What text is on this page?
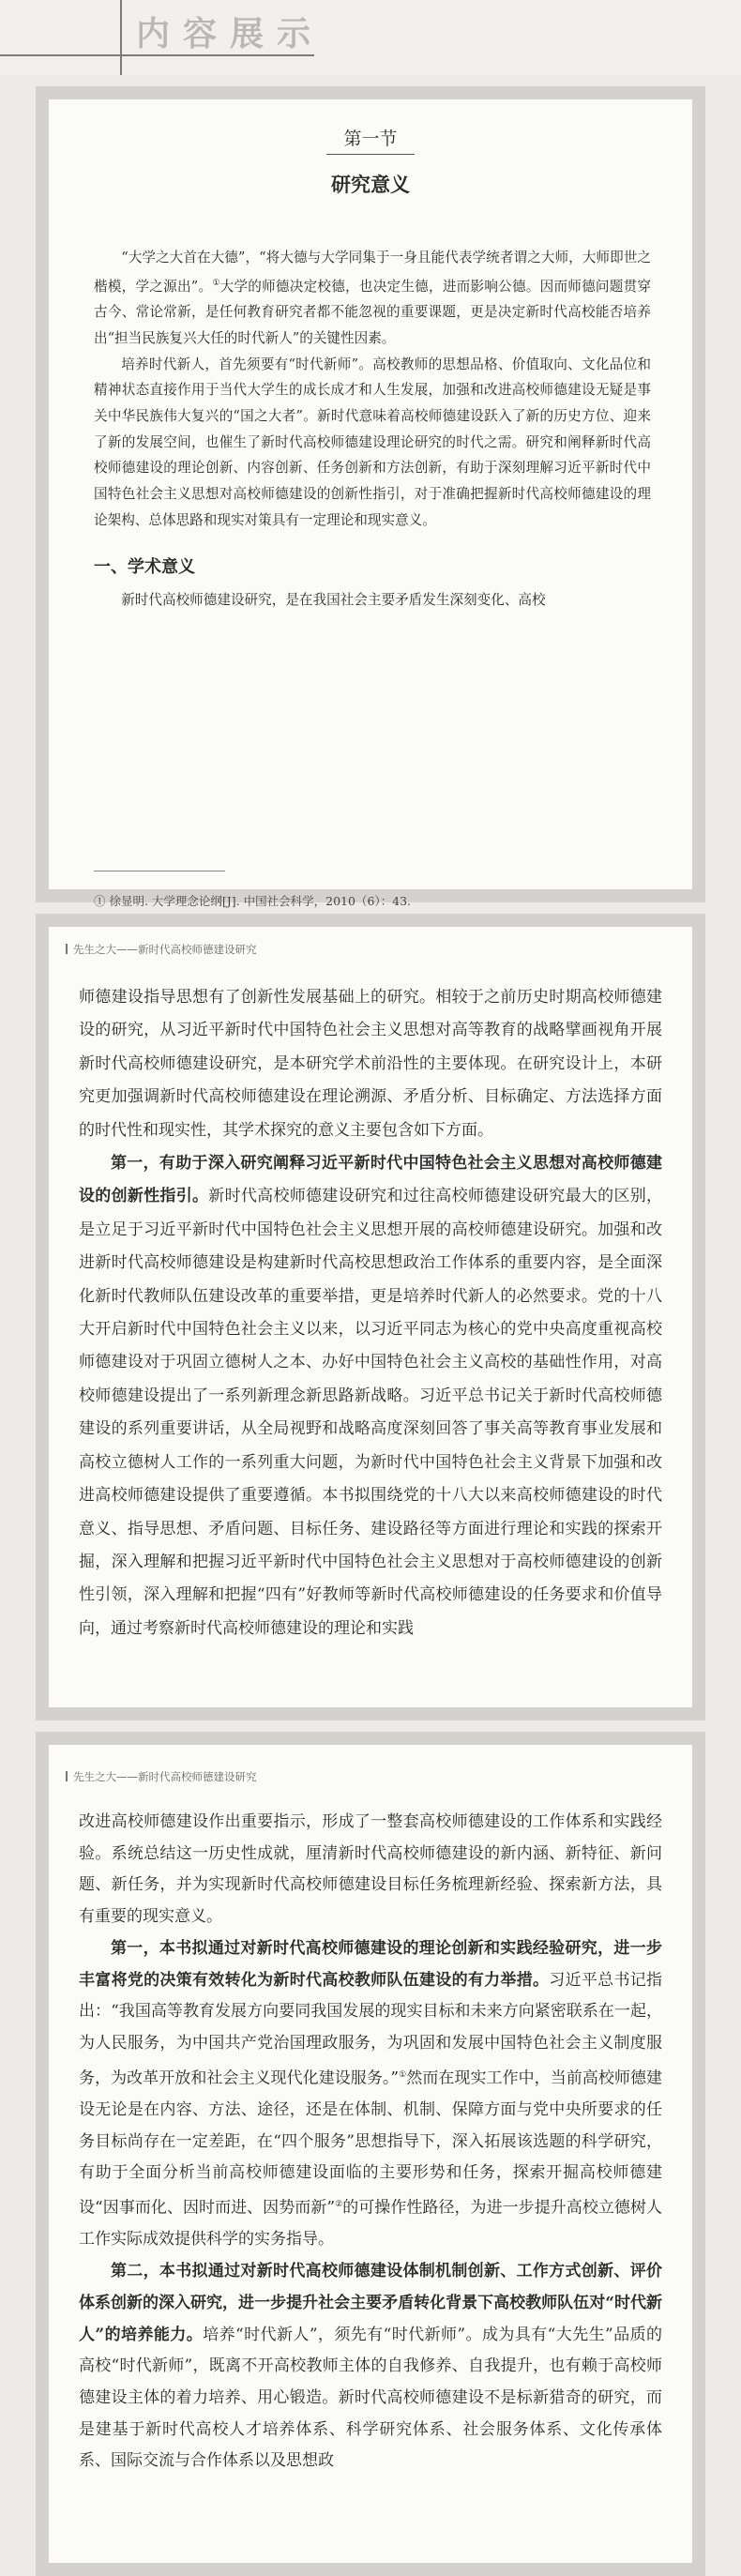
内容展示
第一节
研究意义

“大学之大首在大德”，“将大德与大学同集于一身且能代表学统者谓之大师，大师即世之楷模，学之源出”。①大学的师德决定校德，也决定生德，进而影响公德。因而师德问题贯穿古今、常论常新，是任何教育研究者都不能忽视的重要课题，更是决定新时代高校能否培养出“担当民族复兴大任的时代新人”的关键性因素。

培养时代新人，首先须要有“时代新师”。高校教师的思想品格、价值取向、文化品位和精神状态直接作用于当代大学生的成长成才和人生发展，加强和改进高校师德建设无疑是事关中华民族伟大复兴的“国之大者”。新时代意味着高校师德建设跃入了新的历史方位、迎来了新的发展空间，也催生了新时代高校师德建设理论研究的时代之需。研究和阐释新时代高校师德建设的理论创新、内容创新、任务创新和方法创新，有助于深刻理解习近平新时代中国特色社会主义思想对高校师德建设的创新性指引，对于准确把握新时代高校师德建设的理论架构、总体思路和现实对策具有一定理论和现实意义。

一、学术意义

新时代高校师德建设研究，是在我国社会主要矛盾发生深刻变化、高校

① 徐显明. 大学理念论纲[J]. 中国社会科学，2010（6）：43.
先生之大——新时代高校师德建设研究

师德建设指导思想有了创新性发展基础上的研究。相较于之前历史时期高校师德建设的研究，从习近平新时代中国特色社会主义思想对高等教育的战略擘画视角开展新时代高校师德建设研究，是本研究学术前沿性的主要体现。在研究设计上，本研究更加强调新时代高校师德建设在理论溯源、矛盾分析、目标确定、方法选择方面的时代性和现实性，其学术探究的意义主要包含如下方面。

第一，有助于深入研究阐释习近平新时代中国特色社会主义思想对高校师德建设的创新性指引。新时代高校师德建设研究和过往高校师德建设研究最大的区别，是立足于习近平新时代中国特色社会主义思想开展的高校师德建设研究。加强和改进新时代高校师德建设是构建新时代高校思想政治工作体系的重要内容，是全面深化新时代教师队伍建设改革的重要举措，更是培养时代新人的必然要求。党的十八大开启新时代中国特色社会主义以来，以习近平同志为核心的党中央高度重视高校师德建设对于巩固立德树人之本、办好中国特色社会主义高校的基础性作用，对高校师德建设提出了一系列新理念新思路新战略。习近平总书记关于新时代高校师德建设的系列重要讲话，从全局视野和战略高度深刻回答了事关高等教育事业发展和高校立德树人工作的一系列重大问题，为新时代中国特色社会主义背景下加强和改进高校师德建设提供了重要遵循。本书拟围绕党的十八大以来高校师德建设的时代意义、指导思想、矛盾问题、目标任务、建设路径等方面进行理论和实践的探索开掘，深入理解和把握习近平新时代中国特色社会主义思想对于高校师德建设的创新性引领，深入理解和把握“四有”好教师等新时代高校师德建设的任务要求和价值导向，通过考察新时代高校师德建设的理论和实践

先生之大——新时代高校师德建设研究

改进高校师德建设作出重要指示，形成了一整套高校师德建设的工作体系和实践经验。系统总结这一历史性成就，厘清新时代高校师德建设的新内涵、新特征、新问题、新任务，并为实现新时代高校师德建设目标任务梳理新经验、探索新方法，具有重要的现实意义。

第一，本书拟通过对新时代高校师德建设的理论创新和实践经验研究，进一步丰富将党的决策有效转化为新时代高校教师队伍建设的有力举措。习近平总书记指出：“我国高等教育发展方向要同我国发展的现实目标和未来方向紧密联系在一起，为人民服务，为中国共产党治国理政服务，为巩固和发展中国特色社会主义制度服务，为改革开放和社会主义现代化建设服务。”①然而在现实工作中，当前高校师德建设无论是在内容、方法、途径，还是在体制、机制、保障方面与党中央所要求的任务目标尚存在一定差距，在“四个服务”思想指导下，深入拓展该选题的科学研究，有助于全面分析当前高校师德建设面临的主要形势和任务，探索开掘高校师德建设“因事而化、因时而进、因势而新”②的可操作性路径，为进一步提升高校立德树人工作实际成效提供科学的实务指导。

第二，本书拟通过对新时代高校师德建设体制机制创新、工作方式创新、评价体系创新的深入研究，进一步提升社会主要矛盾转化背景下高校教师队伍对“时代新人”的培养能力。培养“时代新人”，须先有“时代新师”。成为具有“大先生”品质的高校“时代新师”，既离不开高校教师主体的自我修养、自我提升，也有赖于高校师德建设主体的着力培养、用心锻造。新时代高校师德建设不是标新猎奇的研究，而是建基于新时代高校人才培养体系、科学研究体系、社会服务体系、文化传承体系、国际交流与合作体系以及思想政
